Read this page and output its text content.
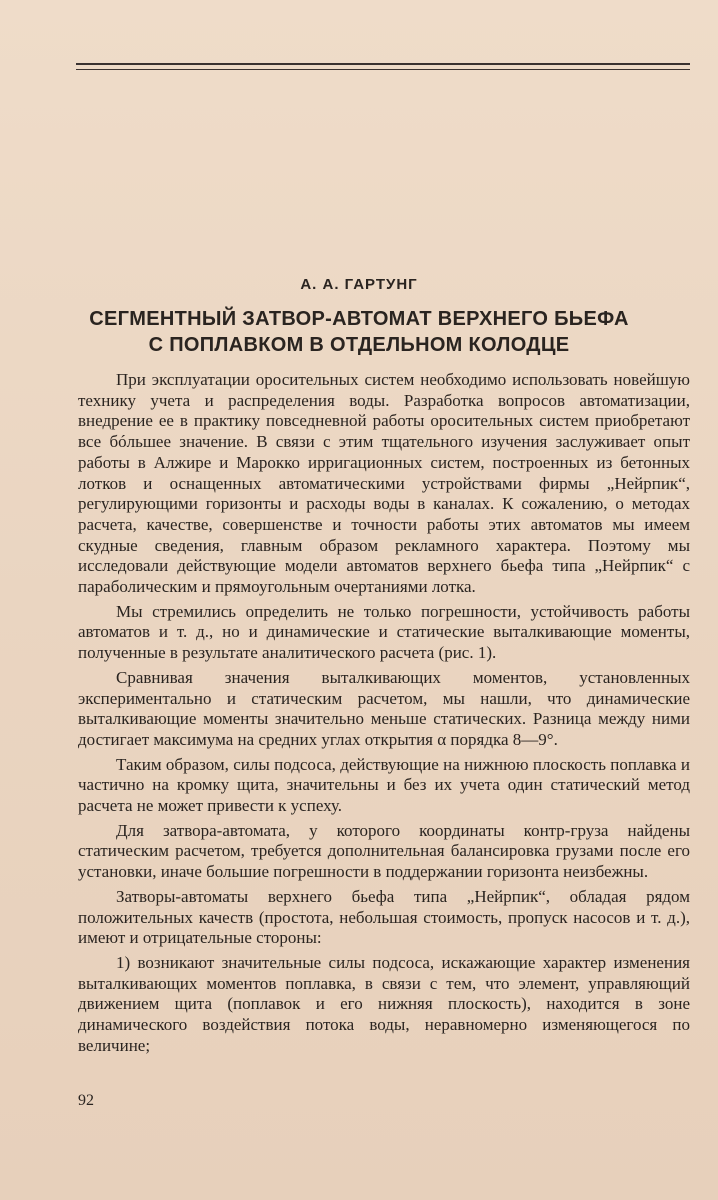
А. А. ГАРТУНГ
СЕГМЕНТНЫЙ ЗАТВОР-АВТОМАТ ВЕРХНЕГО БЬЕФА
С ПОПЛАВКОМ В ОТДЕЛЬНОМ КОЛОДЦЕ

При эксплуатации оросительных систем необходимо использовать новейшую технику учета и распределения воды. Разработка вопросов автоматизации, внедрение ее в практику повседневной работы оросительных систем приобретают все бóльшее значение. В связи с этим тщательного изучения заслуживает опыт работы в Алжире и Марокко ирригационных систем, построенных из бетонных лотков и оснащенных автоматическими устройствами фирмы „Нейрпик“, регулирующими горизонты и расходы воды в каналах. К сожалению, о методах расчета, качестве, совершенстве и точности работы этих автоматов мы имеем скудные сведения, главным образом рекламного характера. Поэтому мы исследовали действующие модели автоматов верхнего бьефа типа „Нейрпик“ с параболическим и прямоугольным очертаниями лотка.

Мы стремились определить не только погрешности, устойчивость работы автоматов и т. д., но и динамические и статические выталкивающие моменты, полученные в результате аналитического расчета (рис. 1).

Сравнивая значения выталкивающих моментов, установленных экспериментально и статическим расчетом, мы нашли, что динамические выталкивающие моменты значительно меньше статических. Разница между ними достигает максимума на средних углах открытия α порядка 8—9°.

Таким образом, силы подсоса, действующие на нижнюю плоскость поплавка и частично на кромку щита, значительны и без их учета один статический метод расчета не может привести к успеху.

Для затвора-автомата, у которого координаты контр-груза найдены статическим расчетом, требуется дополнительная балансировка грузами после его установки, иначе большие погрешности в поддержании горизонта неизбежны.

Затворы-автоматы верхнего бьефа типа „Нейрпик“, обладая рядом положительных качеств (простота, небольшая стоимость, пропуск насосов и т. д.), имеют и отрицательные стороны:

1) возникают значительные силы подсоса, искажающие характер изменения выталкивающих моментов поплавка, в связи с тем, что элемент, управляющий движением щита (поплавок и его нижняя плоскость), находится в зоне динамического воздействия потока воды, неравномерно изменяющегося по величине;

92
